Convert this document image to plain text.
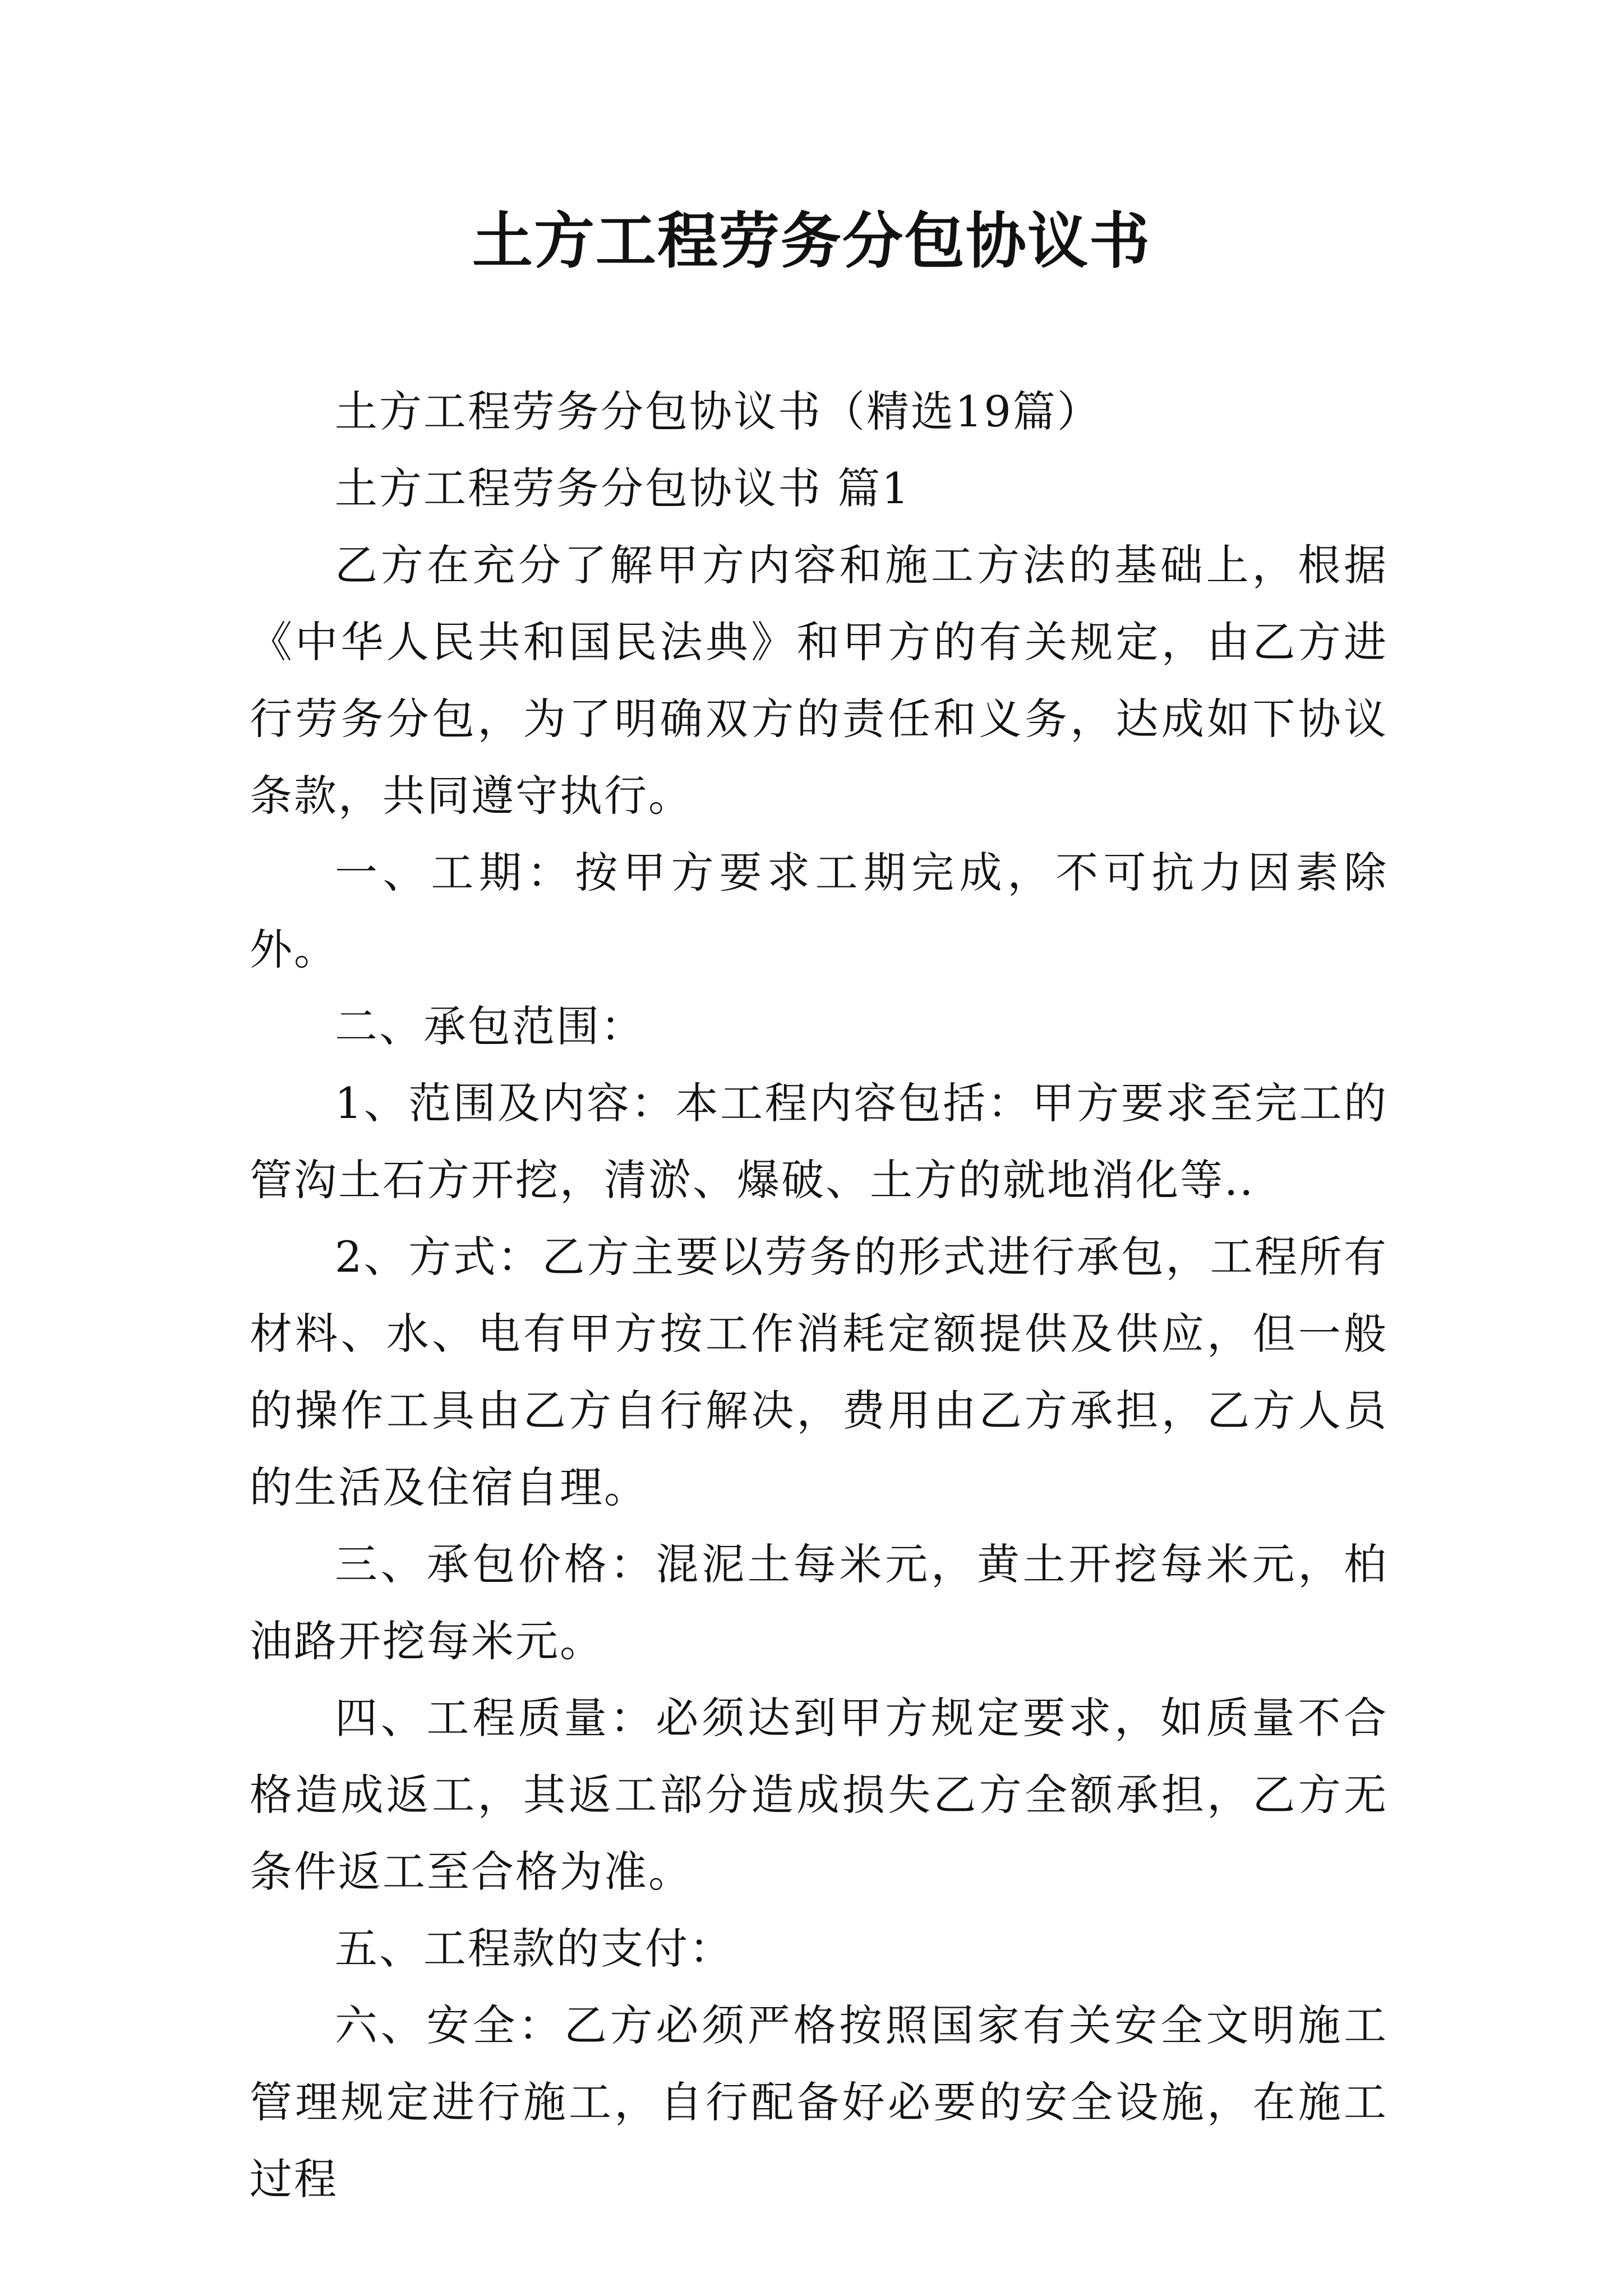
土方工程劳务分包协议书

土方工程劳务分包协议书（精选19篇）

土方工程劳务分包协议书 篇1

乙方在充分了解甲方内容和施工方法的基础上，根据《中华人民共和国民法典》和甲方的有关规定，由乙方进行劳务分包，为了明确双方的责任和义务，达成如下协议条款，共同遵守执行。

一、工期：按甲方要求工期完成，不可抗力因素除外。

二、承包范围：

1、范围及内容：本工程内容包括：甲方要求至完工的管沟土石方开挖，清淤、爆破、土方的就地消化等..

2、方式：乙方主要以劳务的形式进行承包，工程所有材料、水、电有甲方按工作消耗定额提供及供应，但一般的操作工具由乙方自行解决，费用由乙方承担，乙方人员的生活及住宿自理。

三、承包价格：混泥土每米元，黄土开挖每米元，柏油路开挖每米元。

四、工程质量：必须达到甲方规定要求，如质量不合格造成返工，其返工部分造成损失乙方全额承担，乙方无条件返工至合格为准。

五、工程款的支付：

六、安全：乙方必须严格按照国家有关安全文明施工管理规定进行施工，自行配备好必要的安全设施，在施工过程
